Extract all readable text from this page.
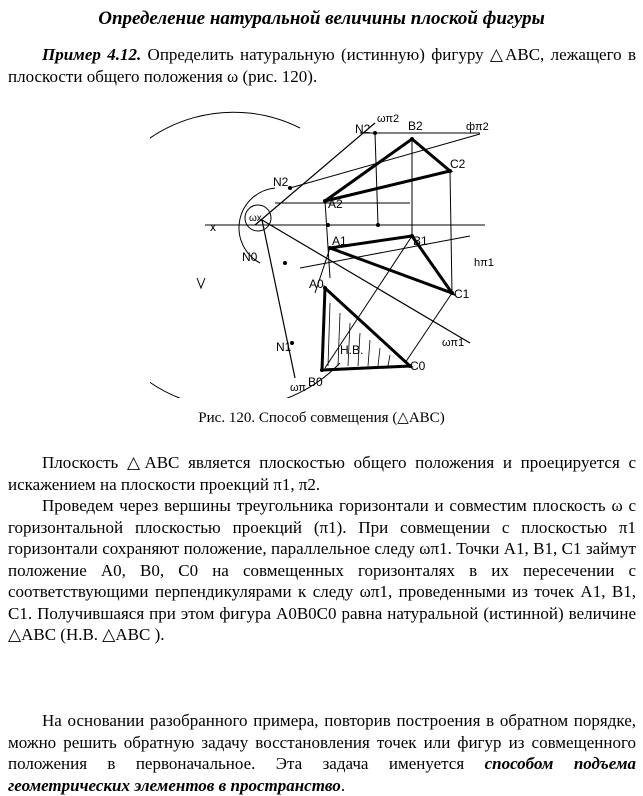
Определение натуральной величины плоской фигуры

Пример 4.12. Определить натуральную (истинную) фигуру △ABC, лежащего в плоскости общего положения ω (рис. 120).

N2	B2
C2
A2
N2
x
ωx
N0
A1	B1
C1
A0
Н.В.
N1
B0
C0
фπ2
ωπ2
hπ1
ωπ1
ωπ
Рис. 120. Способ совмещения (△ABC)

Плоскость △ABC является плоскостью общего положения и проецируется с искажением на плоскости проекций π1, π2.

Проведем через вершины треугольника горизонтали и совместим плоскость ω с горизонтальной плоскостью проекций (π1). При совмещении с плоскостью π1 горизонтали сохраняют положение, параллельное следу ωπ1. Точки A1, B1, C1 займут положение A0, B0, C0 на совмещенных горизонталях в их пересечении с соответствующими перпендикулярами к следу ωπ1, проведенными из точек A1, B1, C1. Получившаяся при этом фигура A0B0C0 равна натуральной (истинной) величине △ABC (Н.В. △ABC ).

На основании разобранного примера, повторив построения в обратном порядке, можно решить обратную задачу восстановления точек или фигур из совмещенного положения в первоначальное. Эта задача именуется способом подъема геометрических элементов в пространство.
